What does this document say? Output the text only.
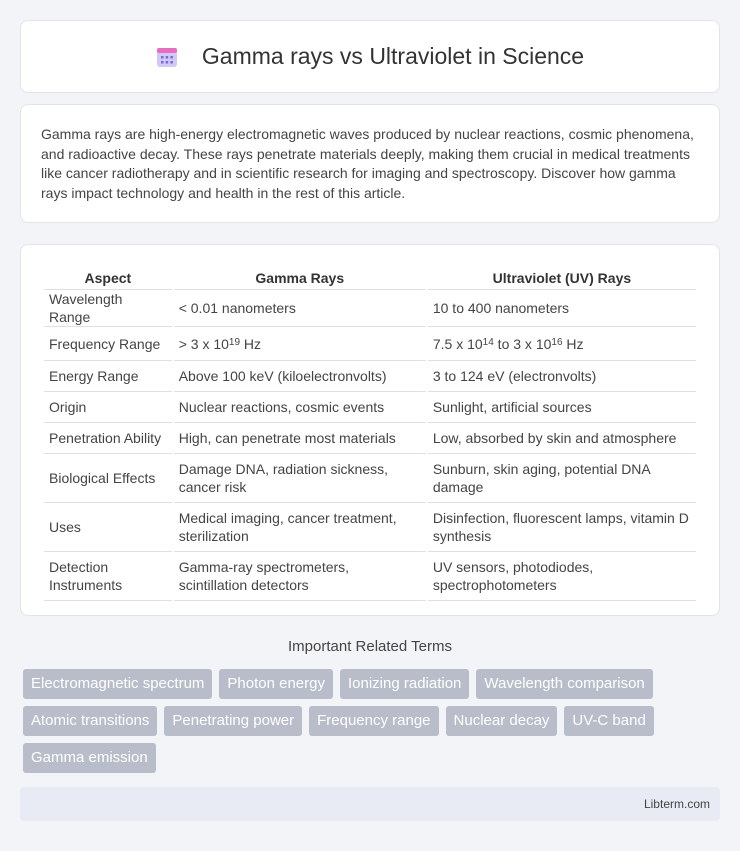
Gamma rays vs Ultraviolet in Science

Gamma rays are high-energy electromagnetic waves produced by nuclear reactions, cosmic phenomena, and radioactive decay. These rays penetrate materials deeply, making them crucial in medical treatments like cancer radiotherapy and in scientific research for imaging and spectroscopy. Discover how gamma rays impact technology and health in the rest of this article.

Aspect	Gamma Rays	Ultraviolet (UV) Rays
Wavelength Range	< 0.01 nanometers	10 to 400 nanometers
Frequency Range	> 3 x $10^{19}$ Hz	7.5 x $10^{14}$ to 3 x $10^{16}$ Hz
Energy Range	Above 100 keV (kiloelectronvolts)	3 to 124 eV (electronvolts)
Origin	Nuclear reactions, cosmic events	Sunlight, artificial sources
Penetration Ability	High, can penetrate most materials	Low, absorbed by skin and atmosphere
Biological Effects	Damage DNA, radiation sickness, cancer risk	Sunburn, skin aging, potential DNA damage
Uses	Medical imaging, cancer treatment, sterilization	Disinfection, fluorescent lamps, vitamin D synthesis
Detection Instruments	Gamma-ray spectrometers, scintillation detectors	UV sensors, photodiodes, spectrophotometers
Important Related Terms
Electromagnetic spectrum	Photon energy	Ionizing radiation	Wavelength comparison
Atomic transitions	Penetrating power	Frequency range	Nuclear decay	UV-C band
Gamma emission
Libterm.com
